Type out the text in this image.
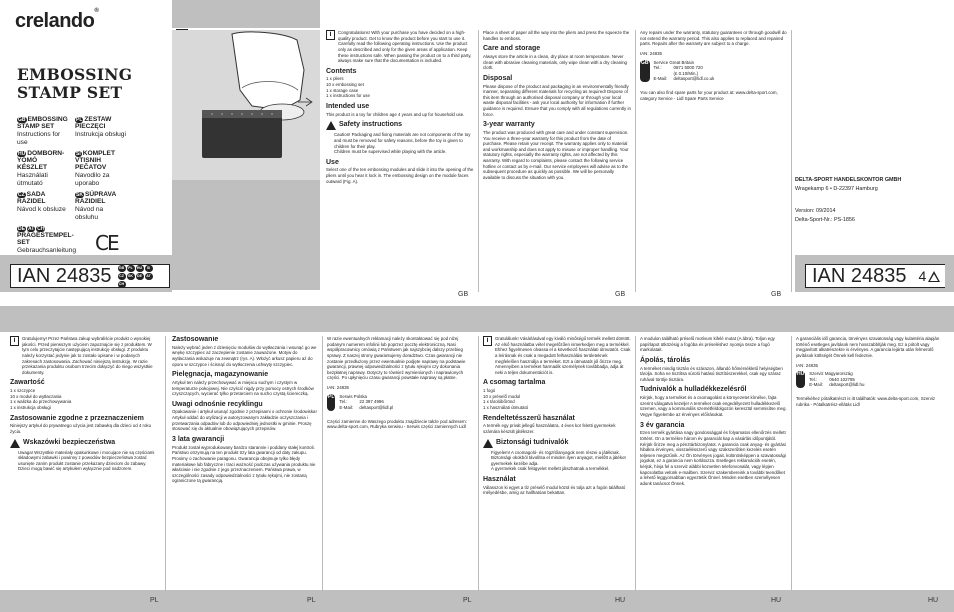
crelando®
EMBOSSING
STAMP SET
GB EMBOSSING STAMP SET
Instructions for use
PL ZESTAW PIECZĘCI
Instrukcja obsługi
HU DOMBORN-YOMÓ KÉSZLET
Használati útmutató
SI KOMPLET VTISNIH PEČATOV
Navodilo za uporabo
CZ SADA RAZIDEL
Návod k obsluze
SK SÚPRAVA RAZIDIEL
Návod na obsluhu
DE AT CH
PRÄGESTEMPEL-SET
Gebrauchsanleitung CE
IAN 24835	GB	PL	HU	SI
CZ	SK	DE	AT
CH
i	Congratulations! With your purchase you have decided on a high-quality product. Get to know the product before you start to use it. Carefully read the following operating instructions. Use the product only as described and only for the given areas of application. Keep these instructions safe. When passing the product on to a third party, always make sure that the documentation is included.
Contents
1 x pliers
10 x embossing set
1 x storage case
1 x instructions for use
Intended use
This product is a toy for children age 4 years and up for household use.
Safety instructions
• Caution! Packaging and fixing materials are not components of the toy and must be removed for safety reasons, before the toy is given to children for their play.
• Children must be supervised while playing with the article.
Use
Select one of the ten embossing modules and slide it into the opening of the pliers until you hear it lock in. The embossing design on the module faces outward (Fig. A).
Place a sheet of paper all the way into the pliers and press the squeeze the handles to emboss.
Care and storage
Always store the article in a clean, dry place at room temperature. Never clean with abrasive cleaning materials, only wipe clean with a dry cleaning cloth.
Disposal
Please dispose of the product and packaging in an environmentally friendly manner, separating different materials for recycling as required! Dispose of this item through an authorised disposal company or through your local waste disposal facilities - ask your local authority for information if further guidance is required. Ensure that you comply with all regulations currently in force.
3-year warranty
The product was produced with great care and under constant supervision. You receive a three-year warranty for this product from the date of purchase. Please retain your receipt. The warranty applies only to material and workmanship and does not apply to misuse or improper handling. Your statutory rights, especially the warranty rights, are not affected by this warranty. With regard to complaints, please contact the following service hotline or contact us by e-mail. Our service employees will advise as to the subsequent procedure as quickly as possible. We will be personally available to discuss the situation with you.
Any repairs under the warranty, statutory guarantees or through goodwill do not extend the warranty period. This also applies to replaced and repaired parts. Repairs after the warranty are subject to a charge.
IAN: 24835
GB Service Great Britain
Tel.:	0871 5000 720
(£ 0.10/Min.)
E-Mail: deltasport@lidl.co.uk
You can also find spare parts for your product at: www.delta-sport.com, category Service - Lidl Spare Parts Service
DELTA-SPORT HANDELSKONTOR GMBH
Wragekamp 6 • D-22397 Hamburg
Version: 09/2014
Delta-Sport-Nr.: PS-1856
IAN 24835 4
GB	GB	GB
i	Gratulujemy! Przez Państwa zakup wybraliście produkt o wysokiej jakości. Przed pierwszym użyciem zapoznajcie się z produktem. W tym celu przeczytajcie następującą instrukcję obsługi. Z produktu należy korzystać jedynie jak to zostało opisane i w podanych zakresach zastosowania. Zachować niniejszą instrukcję. W razie przekazania produktu osobom trzecim dołączyć do niego wszystkie dokumenty.
Zawartość
1 x szczypce
10 x moduł do wytłaczania
1 x walizka do przechowywania
1 x instrukcja obsługi
Zastosowanie zgodne z przeznaczeniem
Niniejszy artykuł do prywatnego użycia jest zabawką dla dzieci od 4 roku życia.
Wskazówki bezpieczeństwa
• Uwaga! Wszystkie materiały opakunkowe i mocujące nie są częściami składowymi zabawki i powinny z powodów bezpieczeństwa zostać usunięte zanim produkt zostanie przekazany dzieciom do zabawy.
• Dzieci mogą bawić się artykułem wyłącznie pod nadzorem.
Zastosowanie
Należy wybrać jeden z dziesięciu modułów do wytłaczania i wsunąć go we wnękę szczypiec aż zaczepienie zostanie zauważone. Motyw do wytłaczania wskazuje na zewnątrz (rys. A). Włożyć arkusz papieru aż do oporu w szczypce i ścisnąć do wytłoczenia uchwyty szczypiec.
Pielęgnacja, magazynowanie
Artykuł ten należy przechowywać w miejscu suchym i czystym w temperaturze pokojowej. Nie czyścić nigdy przy pomocy ostrych środków czyszczących, wycierać tylko przetarciem na sucho czystą ściereczką.
Uwagi odnośnie recyklingu
Opakowanie i artykuł usunąć zgodnie z przepisami o ochronie środowiska! Artykuł oddać do utylizacji w autoryzowanym zakładzie oczyszczania i przetwarzania odpadów lub do odpowiedniej jednostki w gminie. Proszę stosować się do aktualnie obowiązujących przepisów.
3 lata gwarancji
Produkt został wyprodukowany bardzo starannie i poddany stałej kontroli. Państwo otrzymują na ten produkt trzy lata gwarancji od daty zakupu. Prosimy o zachowanie paragonu. Gwarancja obejmuje tylko błędy materiałowe lub fabryczne i traci ważność podczas używania produktu nie właściwie i nie zgodnie z jego przeznaczeniem. Państwa prawa, w szczególności zasady odpowiedzialności z tytułu rękojmi, nie zostaną ograniczone tą gwarancją.
W razie ewentualnych reklamacji należy skontaktować się pod niżej podanym numerem infolinii lub poprzez pocztę elektroniczną. Nasi współpracownicy omówią z Państwem jak najszybciej dalszy przebieg sprawy. Z naszej strony gwarantujemy doradztwo. Czas gwarancji nie zostanie przedłużony przez ewentualnie podjęte naprawy na podstawie gwarancji, prawnej odpowiedzialności z tytułu rękojmi czy dokonania bezpłatnej naprawy. Dotyczy to również wymienionych i naprawionych części. Po upłynięciu czasu gwarancji powstałe naprawy są płatne.
IAN: 24835
PL Serwis Polska
Tel.:	22 397 4996
E-Mail: deltasport@lidl.pl
Części zamienne do Waszego produktu znajdziecie także pod adresem: www.delta-sport.com, Rubryka serwisu - Serwis części zamiennych Lidl
i	Gratulálunk! Vásárlásával egy kiváló minőségű termék mellett döntött. Az első használatba vétel megelőzően ismerkedjen meg a termékkel. Ehhez figyelmesen olvassa el a következő használati útmutatót. Csak a leírásnak és csak a megadott felhasználási területeknek megfelelően használja a terméket. Ezt a útmutatót jól őrizze meg. Amennyiben a terméket harmadik személynek továbbadja, adja át neki a teljes dokumentációt is.
A csomag tartalma
1 fogó
10 x préselő modul
1 x tárolóbőrönd
1 x használati útmutató
Rendeltetésszerű használat
A termék egy privát jellegű használatra, 4 éves kor feletti gyermekek számára készült játékszer.
Biztonsági tudnivalók
• Figyelem! A csomagoló- és rögzítőanyagok nem részei a játéknak. Biztonsági okokból távolítsa el minden ilyen anyagot, mielőtt a játékot gyermekek kezébe adja.
• A gyermekek csak felügyelet mellett játszhatnak a termékkel.
Használat
Válasszon ki egyet a tíz préselő modul közül és tolja azt a fogón található mélyedésbe, amíg az hallhatóan bekattan.
A modulon található préselő motívum kifelé mutat (A ábra). Toljon egy papírlapot ütközésig a fogóba és préseléshez nyomja össze a fogó markolatait.
Ápolás, tárolás
A terméket mindig tisztán és szárazon, állandó hőmérsékletű helyiségben tárolja. Soha ne tisztítsa súroló hatású tisztítószerekkel, csak egy száraz ruhával törölje tisztára.
Tudnivalók a hulladékkezelésről
Kérjük, hogy a terméket és a csomagolást a környezetet kímélve, fajta szerint válogatva kezelje! A terméket csak engedélyezett hulladékkezelő üzemen, vagy a kommunális szemétfeldolgozón keresztül semmisítse meg. Vegye figyelembe az érvényes előírásokat.
3 év garancia
Ezen termék gyártása nagy gondossággal és folyamatos ellenőrzés mellett történt. On a termékre három év garanciát kap a vásárlás időpontjától. Kérjük őrizze meg a pénztárbizonylatot. A garancia csak anyag- és gyártási hibákra érvényes, visszaélésszerű vagy szakszerűtlen kezelés esetén teljesen megszűnik. Az Ön törvényes jogait, különösképpen a szavatossági jogokat, ez a garancia nem korlátozza. Esetleges reklamációk esetén, kérjük, hívja fel a szerviz alábbi közvetlen telefonvonalát, vagy lépjen kapcsolatba velünk e-mailben. Szerviz szakembereink a további teendőket a lehető leggyorsabban egyeztetik Önnel. Minden esetben személyesen adunk tanácsot Önnek.
A garanciális idő garancia, törvényes szavatosság vagy kulantéria alapján történő esetleges javítások nem hosszabbítják meg. Ez a pótolt vagy megjavított alkatrészekre is érvényes. A garancia lejárta után felmerülő javítások költségét Önnek kell fedeznie.
IAN: 24835
HU Szerviz Magyarország
Tel.:	0640 102785
E-Mail: deltasport@lidl.hu
Termékéhez pótalkatrészt is itt találhatók: www.delta-sport.com, Szerviz rubrika - Pótalkatrész-ellátás Lidl
PL	PL	PL	HU	HU	HU
